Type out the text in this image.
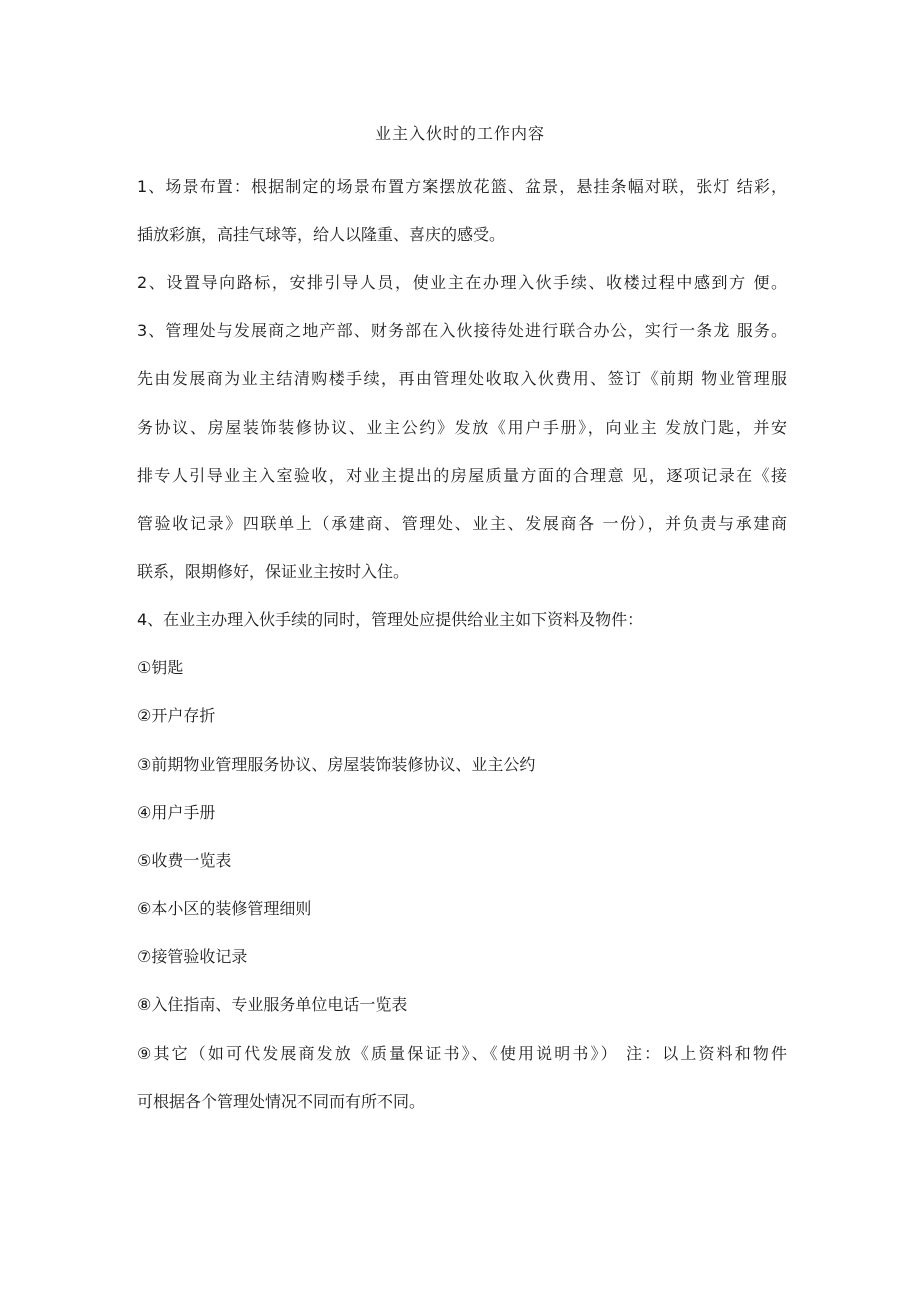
业主入伙时的工作内容
1、场景布置：根据制定的场景布置方案摆放花篮、盆景，悬挂条幅对联，张灯 结彩，
插放彩旗，高挂气球等，给人以隆重、喜庆的感受。
2、设置导向路标，安排引导人员，使业主在办理入伙手续、收楼过程中感到方 便。
3、管理处与发展商之地产部、财务部在入伙接待处进行联合办公，实行一条龙 服务。
先由发展商为业主结清购楼手续，再由管理处收取入伙费用、签订《前期 物业管理服
务协议、房屋装饰装修协议、业主公约》发放《用户手册》，向业主 发放门匙，并安
排专人引导业主入室验收，对业主提出的房屋质量方面的合理意 见，逐项记录在《接
管验收记录》四联单上（承建商、管理处、业主、发展商各 一份），并负责与承建商
联系，限期修好，保证业主按时入住。
4、在业主办理入伙手续的同时，管理处应提供给业主如下资料及物件：
①钥匙
②开户存折
③前期物业管理服务协议、房屋装饰装修协议、业主公约
④用户手册
⑤收费一览表
⑥本小区的装修管理细则
⑦接管验收记录
⑧入住指南、专业服务单位电话一览表
⑨其它（如可代发展商发放《质量保证书》、《使用说明书》） 注：以上资料和物件
可根据各个管理处情况不同而有所不同。
